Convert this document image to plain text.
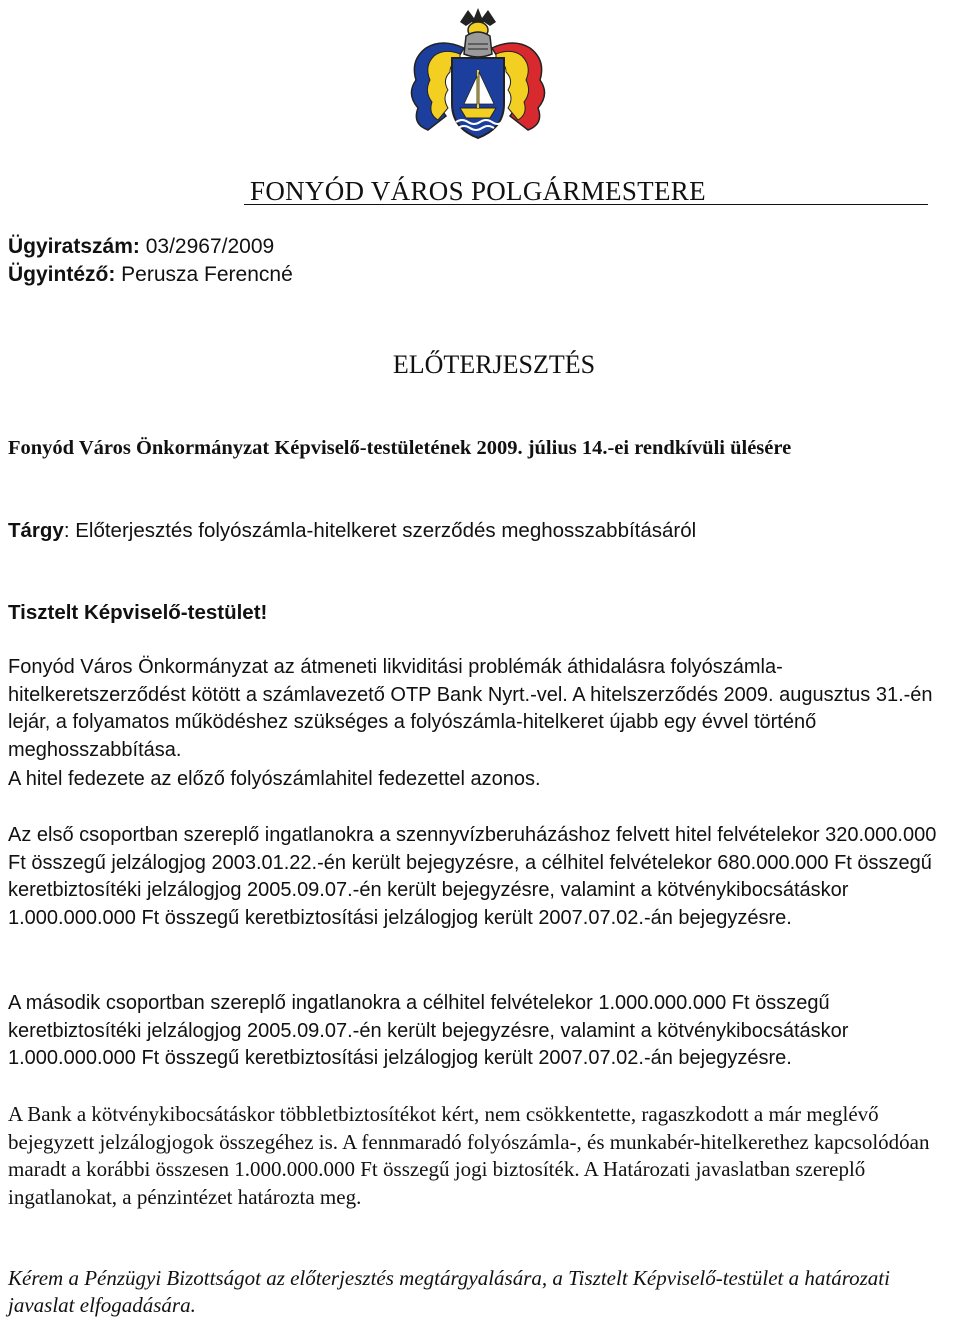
FONYÓD VÁROS POLGÁRMESTERE
Ügyiratszám: 03/2967/2009
Ügyintéző: Perusza Ferencné
ELŐTERJESZTÉS
Fonyód Város Önkormányzat Képviselő-testületének 2009. július 14.-ei rendkívüli ülésére
Tárgy: Előterjesztés folyószámla-hitelkeret szerződés meghosszabbításáról
Tisztelt Képviselő-testület!

Fonyód Város Önkormányzat az átmeneti likviditási problémák áthidalásra folyószámla-hitelkeretszerződést kötött a számlavezető OTP Bank Nyrt.-vel. A hitelszerződés 2009. augusztus 31.-én lejár, a folyamatos működéshez szükséges a folyószámla-hitelkeret újabb egy évvel történő meghosszabbítása.

A hitel fedezete az előző folyószámlahitel fedezettel azonos.

Az első csoportban szereplő ingatlanokra a szennyvízberuházáshoz felvett hitel felvételekor 320.000.000 Ft összegű jelzálogjog 2003.01.22.-én került bejegyzésre, a célhitel felvételekor 680.000.000 Ft összegű keretbiztosítéki jelzálogjog 2005.09.07.-én került bejegyzésre, valamint a kötvénykibocsátáskor 1.000.000.000 Ft összegű keretbiztosítási jelzálogjog került 2007.07.02.-án bejegyzésre.

A második csoportban szereplő ingatlanokra a célhitel felvételekor 1.000.000.000 Ft összegű keretbiztosítéki jelzálogjog 2005.09.07.-én került bejegyzésre, valamint a kötvénykibocsátáskor 1.000.000.000 Ft összegű keretbiztosítási jelzálogjog került 2007.07.02.-án bejegyzésre.

A Bank a kötvénykibocsátáskor többletbiztosítékot kért, nem csökkentette, ragaszkodott a már meglévő bejegyzett jelzálogjogok összegéhez is. A fennmaradó folyószámla-, és munkabér-hitelkerethez kapcsolódóan maradt a korábbi összesen 1.000.000.000 Ft összegű jogi biztosíték. A Határozati javaslatban szereplő ingatlanokat, a pénzintézet határozta meg.

Kérem a Pénzügyi Bizottságot az előterjesztés megtárgyalására, a Tisztelt Képviselő-testület a határozati javaslat elfogadására.
